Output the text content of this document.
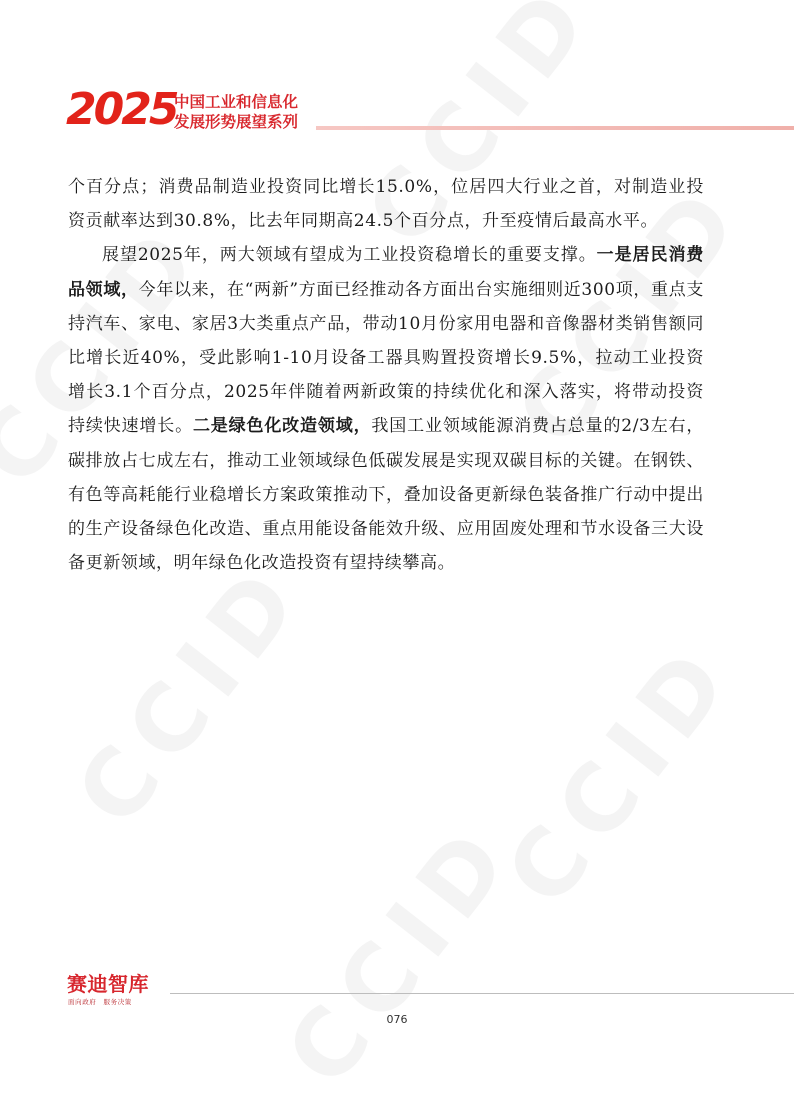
2025
中国工业和信息化
发展形势展望系列

个百分点；消费品制造业投资同比增长15.0%，位居四大行业之首，对制造业投资贡献率达到30.8%，比去年同期高24.5个百分点，升至疫情后最高水平。

展望2025年，两大领域有望成为工业投资稳增长的重要支撑。一是居民消费品领域，今年以来，在“两新”方面已经推动各方面出台实施细则近300项，重点支持汽车、家电、家居3大类重点产品，带动10月份家用电器和音像器材类销售额同比增长近40%，受此影响1-10月设备工器具购置投资增长9.5%，拉动工业投资增长3.1个百分点，2025年伴随着两新政策的持续优化和深入落实，将带动投资持续快速增长。二是绿色化改造领域，我国工业领域能源消费占总量的2/3左右，碳排放占七成左右，推动工业领域绿色低碳发展是实现双碳目标的关键。在钢铁、有色等高耗能行业稳增长方案政策推动下，叠加设备更新绿色装备推广行动中提出的生产设备绿色化改造、重点用能设备能效升级、应用固废处理和节水设备三大设备更新领域，明年绿色化改造投资有望持续攀高。

赛迪智库
面向政府　服务决策
076
